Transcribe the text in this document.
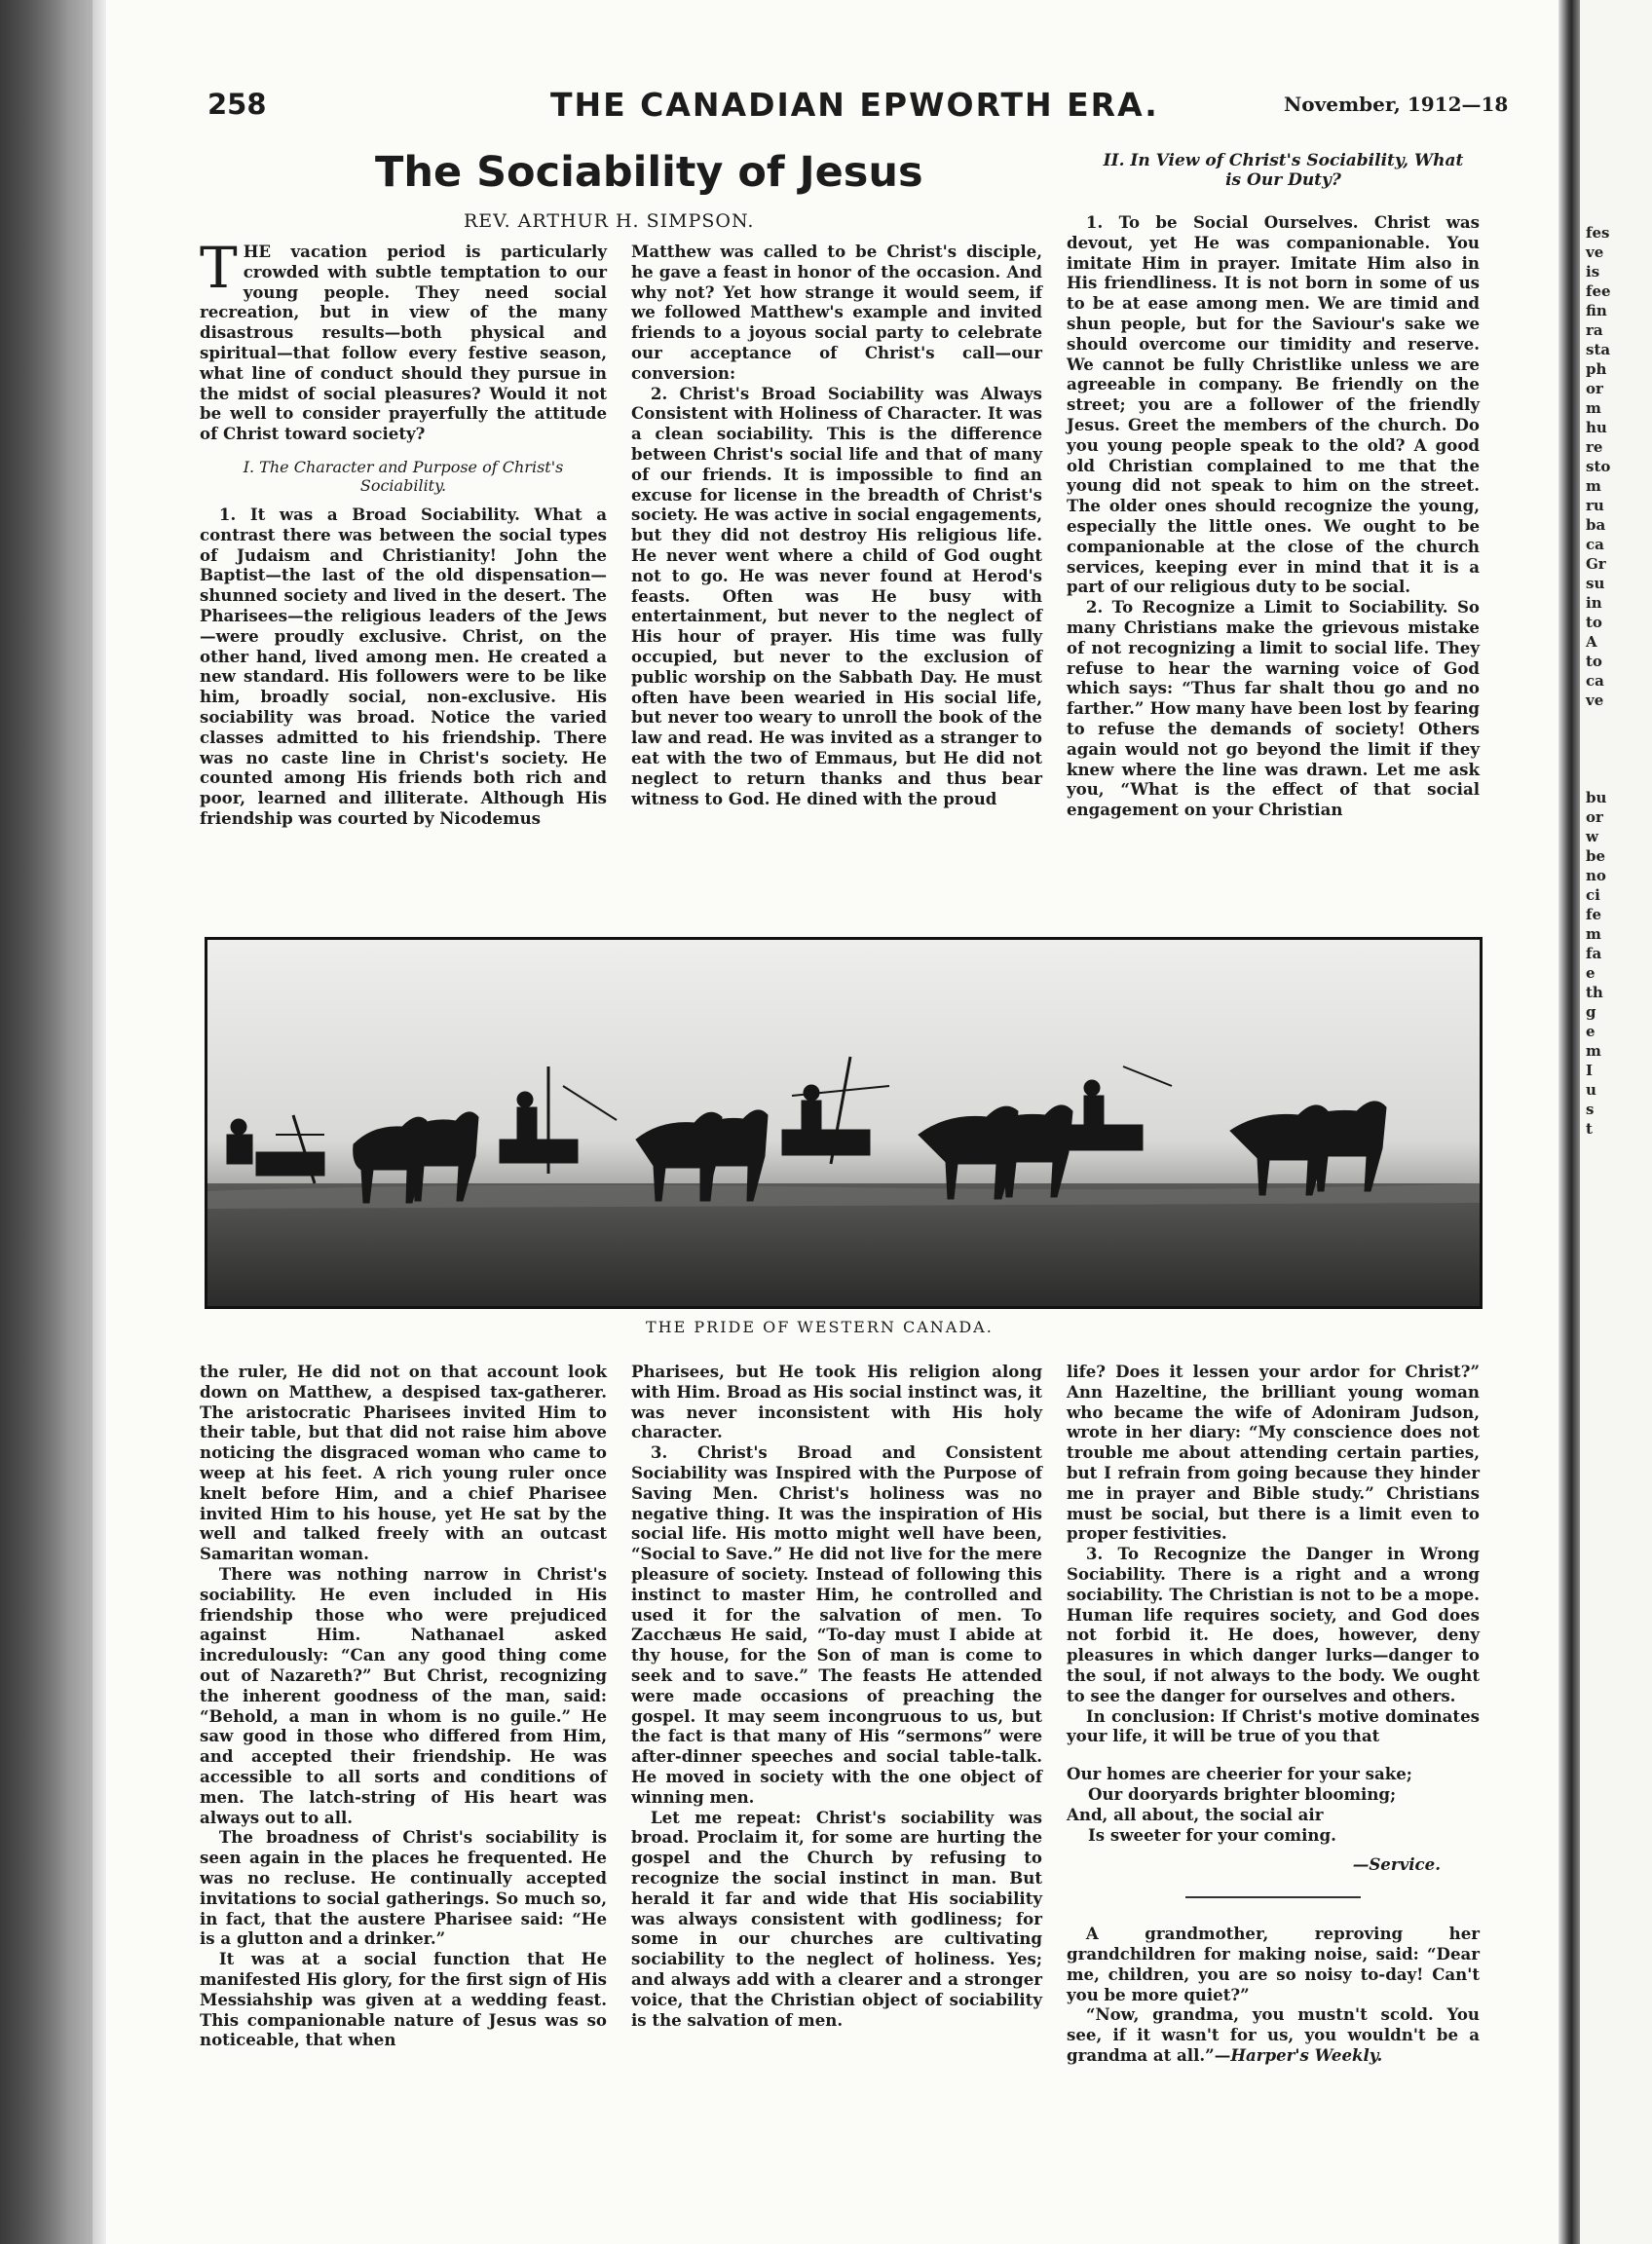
258	THE CANADIAN EPWORTH ERA.	November, 1912—18
The Sociability of Jesus
REV. ARTHUR H. SIMPSON.

THE vacation period is particularly crowded with subtle temptation to our young people. They need social recreation, but in view of the many disastrous results—both physical and spiritual—that follow every festive season, what line of conduct should they pursue in the midst of social pleasures? Would it not be well to consider prayerfully the attitude of Christ toward society?

I. The Character and Purpose of Christ's Sociability.

1. It was a Broad Sociability. What a contrast there was between the social types of Judaism and Christianity! John the Baptist—the last of the old dispensation—shunned society and lived in the desert. The Pharisees—the religious leaders of the Jews—were proudly exclusive. Christ, on the other hand, lived among men. He created a new standard. His followers were to be like him, broadly social, non-exclusive. His sociability was broad. Notice the varied classes admitted to his friendship. There was no caste line in Christ's society. He counted among His friends both rich and poor, learned and illiterate. Although His friendship was courted by Nicodemus

Matthew was called to be Christ's disciple, he gave a feast in honor of the occasion. And why not? Yet how strange it would seem, if we followed Matthew's example and invited friends to a joyous social party to celebrate our acceptance of Christ's call—our conversion:

2. Christ's Broad Sociability was Always Consistent with Holiness of Character. It was a clean sociability. This is the difference between Christ's social life and that of many of our friends. It is impossible to find an excuse for license in the breadth of Christ's society. He was active in social engagements, but they did not destroy His religious life. He never went where a child of God ought not to go. He was never found at Herod's feasts. Often was He busy with entertainment, but never to the neglect of His hour of prayer. His time was fully occupied, but never to the exclusion of public worship on the Sabbath Day. He must often have been wearied in His social life, but never too weary to unroll the book of the law and read. He was invited as a stranger to eat with the two of Emmaus, but He did not neglect to return thanks and thus bear witness to God. He dined with the proud

II. In View of Christ's Sociability, What
is Our Duty?

1. To be Social Ourselves. Christ was devout, yet He was companionable. You imitate Him in prayer. Imitate Him also in His friendliness. It is not born in some of us to be at ease among men. We are timid and shun people, but for the Saviour's sake we should overcome our timidity and reserve. We cannot be fully Christlike unless we are agreeable in company. Be friendly on the street; you are a follower of the friendly Jesus. Greet the members of the church. Do you young people speak to the old? A good old Christian complained to me that the young did not speak to him on the street. The older ones should recognize the young, especially the little ones. We ought to be companionable at the close of the church services, keeping ever in mind that it is a part of our religious duty to be social.

2. To Recognize a Limit to Sociability. So many Christians make the grievous mistake of not recognizing a limit to social life. They refuse to hear the warning voice of God which says: “Thus far shalt thou go and no farther.” How many have been lost by fearing to refuse the demands of society! Others again would not go beyond the limit if they knew where the line was drawn. Let me ask you, “What is the effect of that social engagement on your Christian

THE PRIDE OF WESTERN CANADA.

the ruler, He did not on that account look down on Matthew, a despised tax-gatherer. The aristocratic Pharisees invited Him to their table, but that did not raise him above noticing the disgraced woman who came to weep at his feet. A rich young ruler once knelt before Him, and a chief Pharisee invited Him to his house, yet He sat by the well and talked freely with an outcast Samaritan woman.

There was nothing narrow in Christ's sociability. He even included in His friendship those who were prejudiced against Him. Nathanael asked incredulously: “Can any good thing come out of Nazareth?” But Christ, recognizing the inherent goodness of the man, said: “Behold, a man in whom is no guile.” He saw good in those who differed from Him, and accepted their friendship. He was accessible to all sorts and conditions of men. The latch-string of His heart was always out to all.

The broadness of Christ's sociability is seen again in the places he frequented. He was no recluse. He continually accepted invitations to social gatherings. So much so, in fact, that the austere Pharisee said: “He is a glutton and a drinker.”

It was at a social function that He manifested His glory, for the first sign of His Messiahship was given at a wedding feast. This companionable nature of Jesus was so noticeable, that when

Pharisees, but He took His religion along with Him. Broad as His social instinct was, it was never inconsistent with His holy character.

3. Christ's Broad and Consistent Sociability was Inspired with the Purpose of Saving Men. Christ's holiness was no negative thing. It was the inspiration of His social life. His motto might well have been, “Social to Save.” He did not live for the mere pleasure of society. Instead of following this instinct to master Him, he controlled and used it for the salvation of men. To Zacchæus He said, “To-day must I abide at thy house, for the Son of man is come to seek and to save.” The feasts He attended were made occasions of preaching the gospel. It may seem incongruous to us, but the fact is that many of His “sermons” were after-dinner speeches and social table-talk. He moved in society with the one object of winning men.

Let me repeat: Christ's sociability was broad. Proclaim it, for some are hurting the gospel and the Church by refusing to recognize the social instinct in man. But herald it far and wide that His sociability was always consistent with godliness; for some in our churches are cultivating sociability to the neglect of holiness. Yes; and always add with a clearer and a stronger voice, that the Christian object of sociability is the salvation of men.

life? Does it lessen your ardor for Christ?” Ann Hazeltine, the brilliant young woman who became the wife of Adoniram Judson, wrote in her diary: “My conscience does not trouble me about attending certain parties, but I refrain from going because they hinder me in prayer and Bible study.” Christians must be social, but there is a limit even to proper festivities.

3. To Recognize the Danger in Wrong Sociability. There is a right and a wrong sociability. The Christian is not to be a mope. Human life requires society, and God does not forbid it. He does, however, deny pleasures in which danger lurks—danger to the soul, if not always to the body. We ought to see the danger for ourselves and others.

In conclusion: If Christ's motive dominates your life, it will be true of you that

Our homes are cheerier for your sake;
Our dooryards brighter blooming;
And, all about, the social air
Is sweeter for your coming.
—Service.

A grandmother, reproving her grandchildren for making noise, said: “Dear me, children, you are so noisy to-day! Can't you be more quiet?”

“Now, grandma, you mustn't scold. You see, if it wasn't for us, you wouldn't be a grandma at all.”—Harper's Weekly.

fes
ve
is
fee
fin
ra
sta
ph
or
m
hu
re
sto
m
ru
ba
ca
Gr
su
in
to
A
to
ca
ve
bu
or
w
be
no
ci
fe
m
fa
e
th
g
e
m
I
u
s
t
